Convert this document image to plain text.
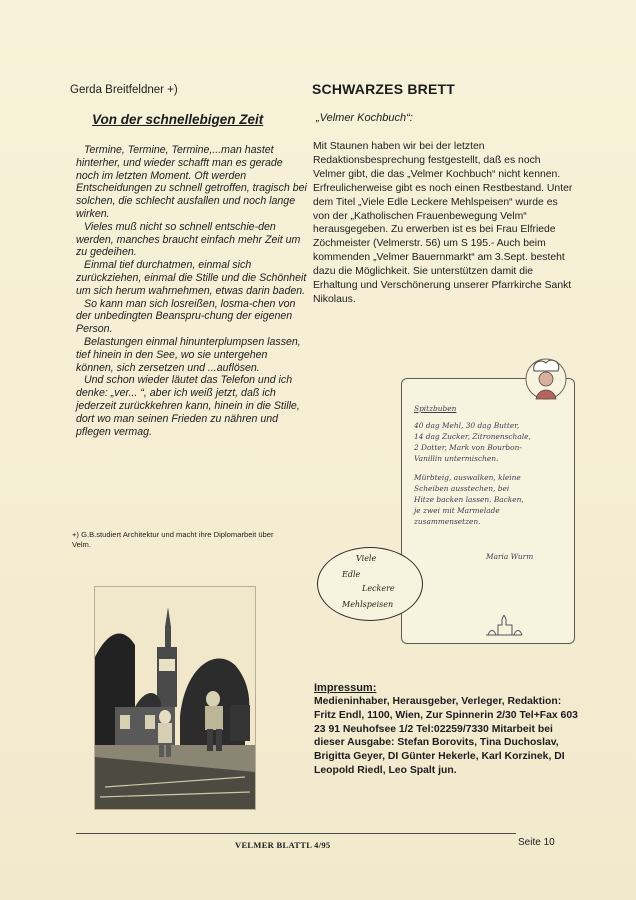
Gerda Breitfeldner +)
Von der schnellebigen Zeit

Termine, Termine, Termine,...man hastet hinterher, und wieder schafft man es gerade noch im letzten Moment. Oft werden Entscheidungen zu schnell getroffen, tragisch bei solchen, die schlecht ausfallen und noch lange wirken.

Vieles muß nicht so schnell entschie-den werden, manches braucht einfach mehr Zeit um zu gedeihen.

Einmal tief durchatmen, einmal sich zurückziehen, einmal die Stille und die Schönheit um sich herum wahrnehmen, etwas darin baden.

So kann man sich losreißen, losma-chen von der unbedingten Beanspru-chung der eigenen Person.

Belastungen einmal hinunterplumpsen lassen, tief hinein in den See, wo sie untergehen können, sich zersetzen und ...auflösen.

Und schon wieder läutet das Telefon und ich denke: „ver... “, aber ich weiß jetzt, daß ich jederzeit zurückkehren kann, hinein in die Stille, dort wo man seinen Frieden zu nähren und pflegen vermag.

+) G.B.studiert Architektur und macht ihre Diplomarbeit über Velm.
SCHWARZES BRETT
„Velmer Kochbuch“:
Mit Staunen haben wir bei der letzten Redaktionsbesprechung festgestellt, daß es noch Velmer gibt, die das „Velmer Kochbuch“ nicht kennen. Erfreulicherweise gibt es noch einen Restbestand. Unter dem Titel „Viele Edle Leckere Mehlspeisen“ wurde es von der „Katholischen Frauenbewegung Velm“ herausgegeben. Zu erwerben ist es bei Frau Elfriede Zöchmeister (Velmerstr. 56) um S 195.- Auch beim kommenden „Velmer Bauernmarkt“ am 3.Sept. besteht dazu die Möglichkeit. Sie unterstützen damit die Erhaltung und Verschönerung unserer Pfarrkirche Sankt Nikolaus.
Spitzbuben
40 dag Mehl, 30 dag Butter,
14 dag Zucker, Zitronenschale,
2 Dotter, Mark von Bourbon-
Vanillin untermischen.
Mürbteig, auswalken, kleine
Scheiben ausstechen, bei
Hitze backen lassen. Backen,
je zwei mit Marmelade
zusammensetzen.
Maria Wurm
Viele
Edle
Leckere
Mehlspeisen
Impressum:
Medieninhaber, Herausgeber, Verleger, Redaktion: Fritz Endl, 1100, Wien, Zur Spinnerin 2/30 Tel+Fax 603 23 91 Neuhofsee 1/2 Tel:02259/7330 Mitarbeit bei dieser Ausgabe: Stefan Borovits, Tina Duchoslav, Brigitta Geyer, DI Günter Hekerle, Karl Korzinek, DI Leopold Riedl, Leo Spalt jun.
VELMER BLATTL 4/95	Seite 10
